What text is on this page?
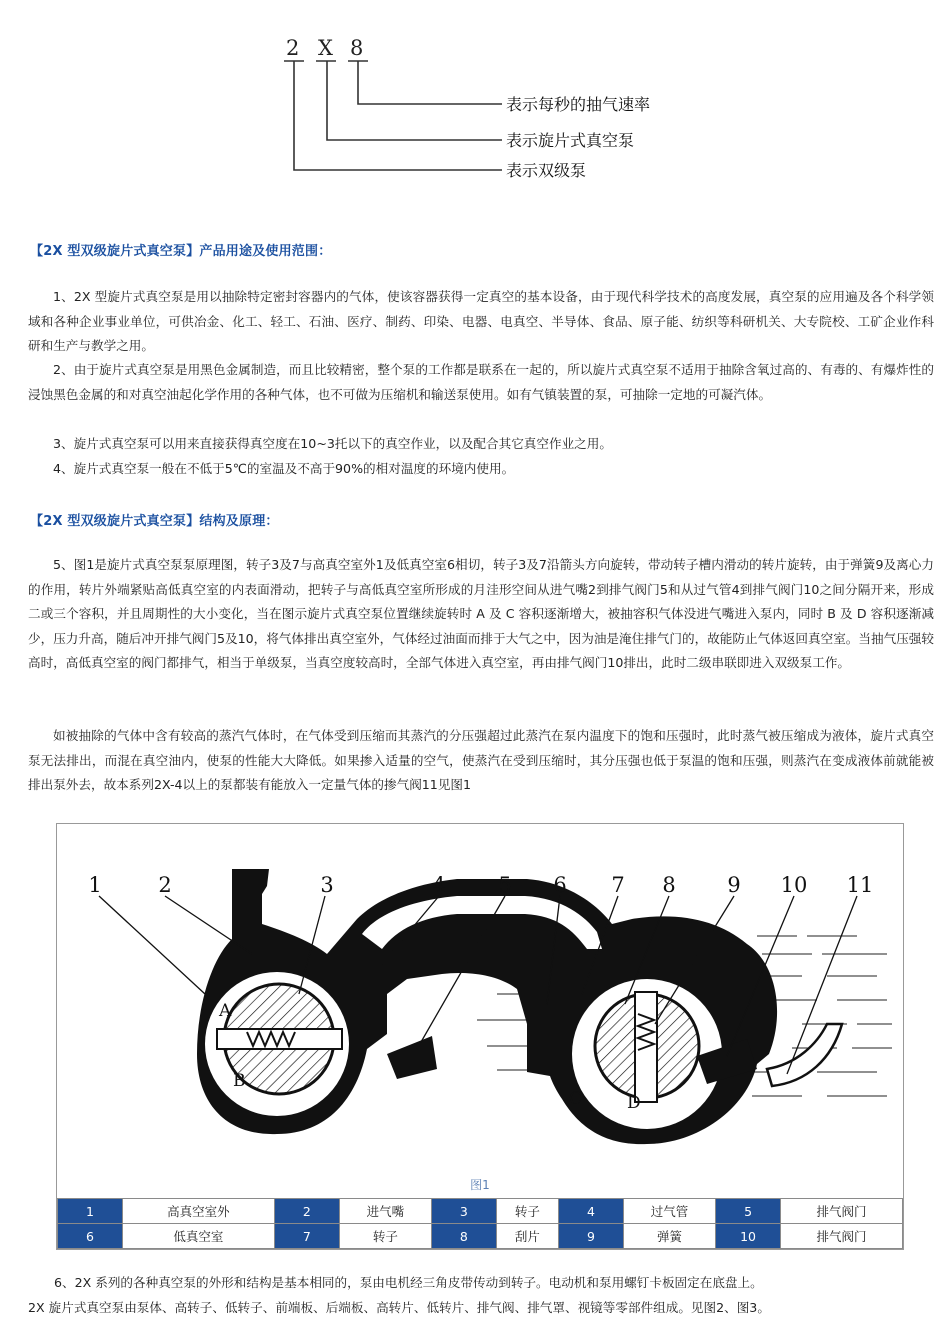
2 X 8
表示每秒的抽气速率
表示旋片式真空泵
表示双级泵
【2X 型双级旋片式真空泵】产品用途及使用范围：
1、2X 型旋片式真空泵是用以抽除特定密封容器内的气体，使该容器获得一定真空的基本设备，由于现代科学技术的高度发展，真空泵的应用遍及各个科学领域和各种企业事业单位，可供冶金、化工、轻工、石油、医疗、制药、印染、电器、电真空、半导体、食品、原子能、纺织等科研机关、大专院校、工矿企业作科研和生产与教学之用。
2、由于旋片式真空泵是用黑色金属制造，而且比较精密，整个泵的工作都是联系在一起的，所以旋片式真空泵不适用于抽除含氧过高的、有毒的、有爆炸性的浸蚀黑色金属的和对真空油起化学作用的各种气体，也不可做为压缩机和输送泵使用。如有气镇装置的泵，可抽除一定地的可凝汽体。
3、旋片式真空泵可以用来直接获得真空度在10~3托以下的真空作业，以及配合其它真空作业之用。
4、旋片式真空泵一般在不低于5℃的室温及不高于90%的相对温度的环境内使用。
【2X 型双级旋片式真空泵】结构及原理：
5、图1是旋片式真空泵泵原理图，转子3及7与高真空室外1及低真空室6相切，转子3及7沿箭头方向旋转，带动转子槽内滑动的转片旋转，由于弹簧9及离心力的作用，转片外端紧贴高低真空室的内表面滑动，把转子与高低真空室所形成的月洼形空间从进气嘴2到排气阀门5和从过气管4到排气阀门10之间分隔开来，形成二或三个容积，并且周期性的大小变化，当在图示旋片式真空泵位置继续旋转时 A 及 C 容积逐渐增大，被抽容积气体没进气嘴进入泵内，同时 B 及 D 容积逐渐减少，压力升高，随后冲开排气阀门5及10，将气体排出真空室外，气体经过油面而排于大气之中，因为油是淹住排气门的，故能防止气体返回真空室。当抽气压强较高时，高低真空室的阀门都排气，相当于单级泵，当真空度较高时，全部气体进入真空室，再由排气阀门10排出，此时二级串联即进入双级泵工作。
如被抽除的气体中含有较高的蒸汽气体时，在气体受到压缩而其蒸汽的分压强超过此蒸汽在泵内温度下的饱和压强时，此时蒸气被压缩成为液体，旋片式真空泵无法排出，而混在真空油内，使泵的性能大大降低。如果掺入适量的空气，使蒸汽在受到压缩时，其分压强也低于泵温的饱和压强，则蒸汽在变成液体前就能被排出泵外去，故本系列2X-4以上的泵都装有能放入一定量气体的掺气阀11见图1
1	2	3	4	5 6 7 8 9 10 11
A
B
C	D
图1
1	高真空室外	2	进气嘴	3	转子	4	过气管	5	排气阀门
6	低真空室	7	转子	8	刮片	9	弹簧	10	排气阀门
6、2X 系列的各种真空泵的外形和结构是基本相同的，泵由电机经三角皮带传动到转子。电动机和泵用螺钉卡板固定在底盘上。
2X 旋片式真空泵由泵体、高转子、低转子、前端板、后端板、高转片、低转片、排气阀、排气罩、视镜等零部件组成。见图2、图3。
